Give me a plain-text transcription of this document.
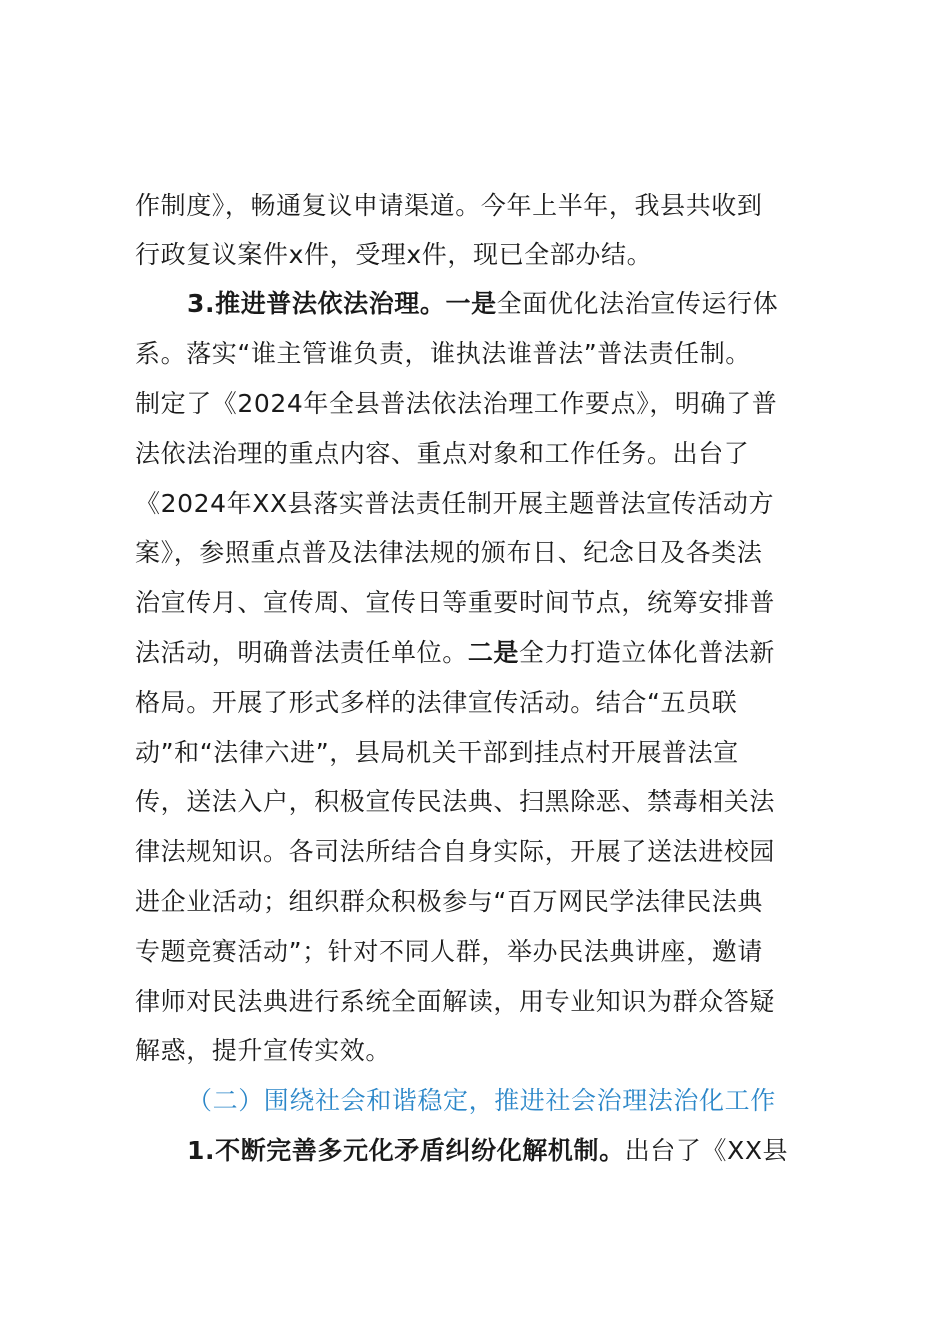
作制度》，畅通复议申请渠道。今年上半年，我县共收到
行政复议案件x件，受理x件，现已全部办结。
3.推进普法依法治理。一是全面优化法治宣传运行体
系。落实“谁主管谁负责，谁执法谁普法”普法责任制。
制定了《2024年全县普法依法治理工作要点》，明确了普
法依法治理的重点内容、重点对象和工作任务。出台了
《2024年XX县落实普法责任制开展主题普法宣传活动方
案》，参照重点普及法律法规的颁布日、纪念日及各类法
治宣传月、宣传周、宣传日等重要时间节点，统筹安排普
法活动，明确普法责任单位。二是全力打造立体化普法新
格局。开展了形式多样的法律宣传活动。结合“五员联
动”和“法律六进”，县局机关干部到挂点村开展普法宣
传，送法入户，积极宣传民法典、扫黑除恶、禁毒相关法
律法规知识。各司法所结合自身实际，开展了送法进校园
进企业活动；组织群众积极参与“百万网民学法律民法典
专题竞赛活动”；针对不同人群，举办民法典讲座，邀请
律师对民法典进行系统全面解读，用专业知识为群众答疑
解惑，提升宣传实效。
（二）围绕社会和谐稳定，推进社会治理法治化工作
1.不断完善多元化矛盾纠纷化解机制。出台了《XX县
